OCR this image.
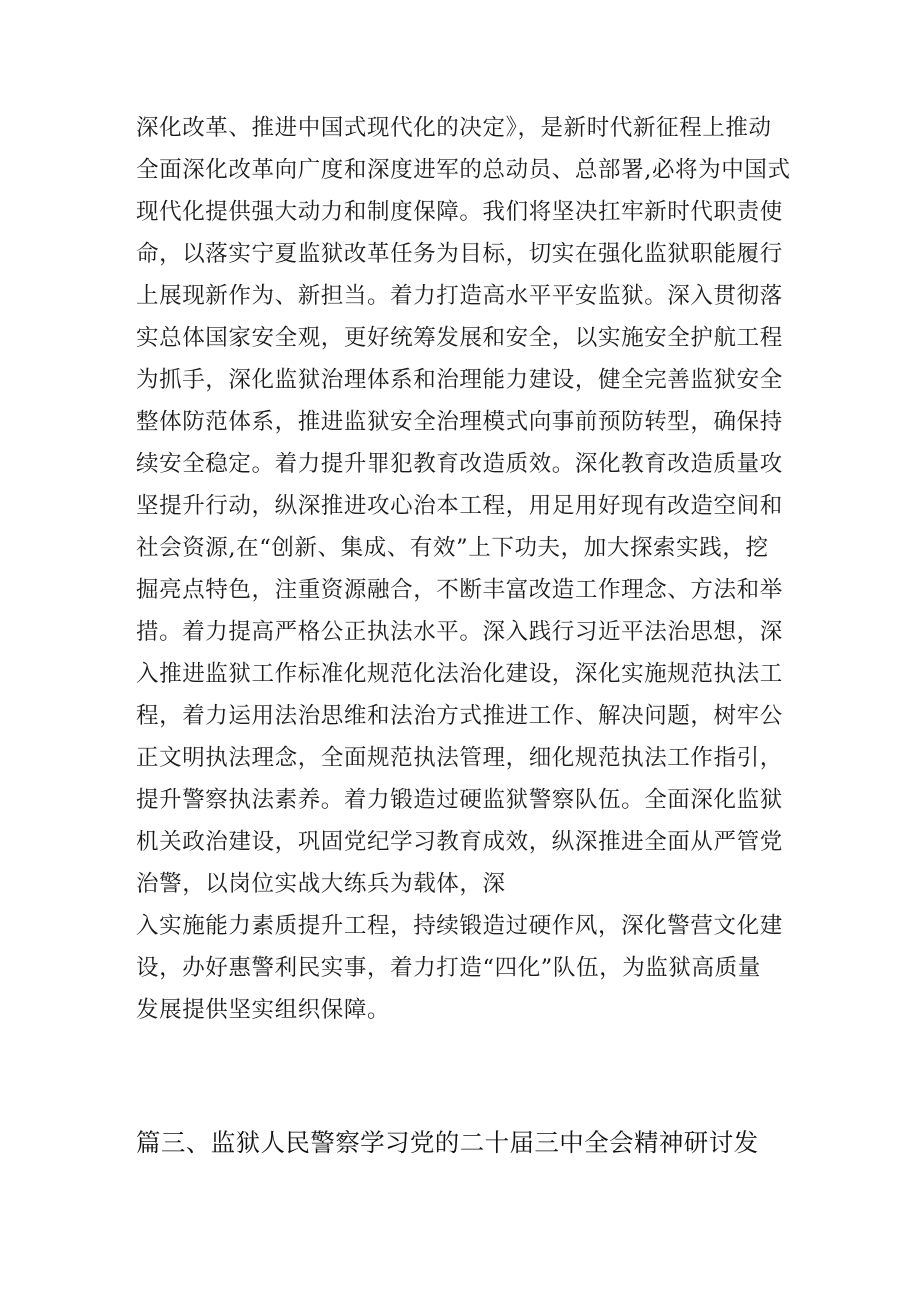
深化改革、推进中国式现代化的决定》，是新时代新征程上推动
全面深化改革向广度和深度进军的总动员、总部署,必将为中国式
现代化提供强大动力和制度保障。我们将坚决扛牢新时代职责使
命，以落实宁夏监狱改革任务为目标，切实在强化监狱职能履行
上展现新作为、新担当。着力打造高水平平安监狱。深入贯彻落
实总体国家安全观，更好统筹发展和安全，以实施安全护航工程
为抓手，深化监狱治理体系和治理能力建设，健全完善监狱安全
整体防范体系，推进监狱安全治理模式向事前预防转型，确保持
续安全稳定。着力提升罪犯教育改造质效。深化教育改造质量攻
坚提升行动，纵深推进攻心治本工程，用足用好现有改造空间和
社会资源,在“创新、集成、有效”上下功夫，加大探索实践，挖
掘亮点特色，注重资源融合，不断丰富改造工作理念、方法和举
措。着力提高严格公正执法水平。深入践行习近平法治思想，深
入推进监狱工作标准化规范化法治化建设，深化实施规范执法工
程，着力运用法治思维和法治方式推进工作、解决问题，树牢公
正文明执法理念，全面规范执法管理，细化规范执法工作指引，
提升警察执法素养。着力锻造过硬监狱警察队伍。全面深化监狱
机关政治建设，巩固党纪学习教育成效，纵深推进全面从严管党
治警，以岗位实战大练兵为载体，深
入实施能力素质提升工程，持续锻造过硬作风，深化警营文化建
设，办好惠警利民实事，着力打造“四化”队伍，为监狱高质量
发展提供坚实组织保障。
篇三、监狱人民警察学习党的二十届三中全会精神研讨发
